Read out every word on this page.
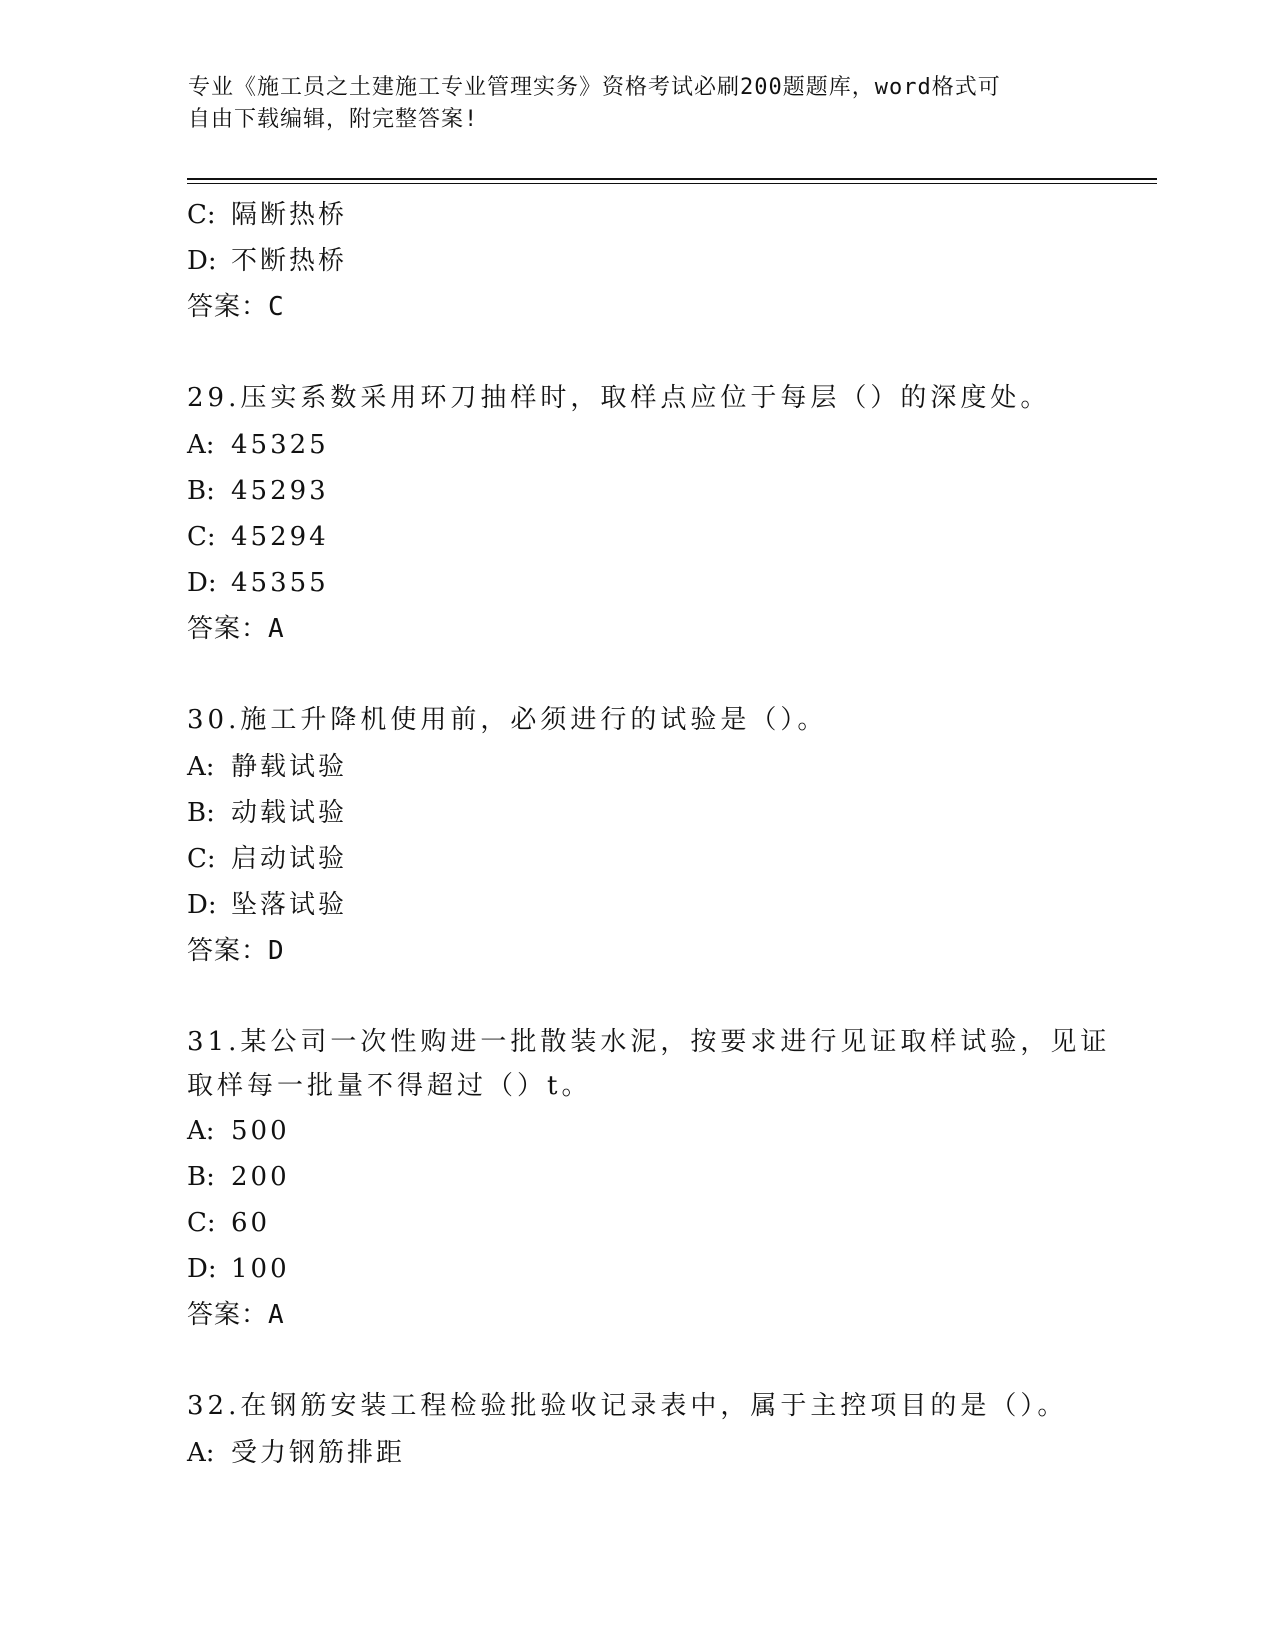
专业《施工员之土建施工专业管理实务》资格考试必刷200题题库，word格式可
自由下载编辑，附完整答案!
C: 隔断热桥
D: 不断热桥
答案：C
29.压实系数采用环刀抽样时，取样点应位于每层（）的深度处。
A: 45325
B: 45293
C: 45294
D: 45355
答案：A
30.施工升降机使用前，必须进行的试验是（）。
A: 静载试验
B: 动载试验
C: 启动试验
D: 坠落试验
答案：D
31.某公司一次性购进一批散装水泥，按要求进行见证取样试验，见证取样每一批量不得超过（）t。
A: 500
B: 200
C: 60
D: 100
答案：A
32.在钢筋安装工程检验批验收记录表中，属于主控项目的是（）。
A: 受力钢筋排距
